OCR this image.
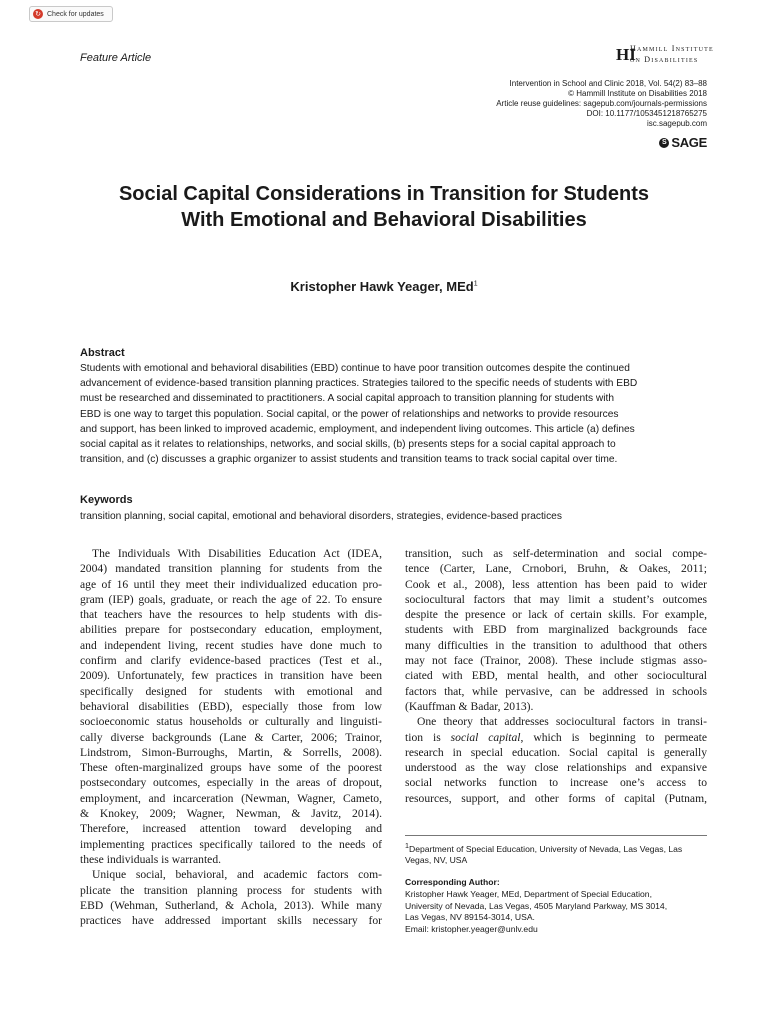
↻ Check for updates
Feature Article	HI
Hammill Institute
on Disabilities
Intervention in School and Clinic 2018, Vol. 54(2) 83–88
© Hammill Institute on Disabilities 2018
Article reuse guidelines: sagepub.com/journals-permissions
DOI: 10.1177/1053451218765275
isc.sagepub.com
S SAGE
Social Capital Considerations in Transition for Students
With Emotional and Behavioral Disabilities
Kristopher Hawk Yeager, MEd$^1$
Abstract
Students with emotional and behavioral disabilities (EBD) continue to have poor transition outcomes despite the continued
advancement of evidence-based transition planning practices. Strategies tailored to the specific needs of students with EBD
must be researched and disseminated to practitioners. A social capital approach to transition planning for students with
EBD is one way to target this population. Social capital, or the power of relationships and networks to provide resources
and support, has been linked to improved academic, employment, and independent living outcomes. This article (a) defines
social capital as it relates to relationships, networks, and social skills, (b) presents steps for a social capital approach to
transition, and (c) discusses a graphic organizer to assist students and transition teams to track social capital over time.
Keywords
transition planning, social capital, emotional and behavioral disorders, strategies, evidence-based practices
The Individuals With Disabilities Education Act (IDEA,
2004) mandated transition planning for students from the
age of 16 until they meet their individualized education pro-
gram (IEP) goals, graduate, or reach the age of 22. To ensure
that teachers have the resources to help students with dis-
abilities prepare for postsecondary education, employment,
and independent living, recent studies have done much to
confirm and clarify evidence-based practices (Test et al.,
2009). Unfortunately, few practices in transition have been
specifically designed for students with emotional and
behavioral disabilities (EBD), especially those from low
socioeconomic status households or culturally and linguisti-
cally diverse backgrounds (Lane & Carter, 2006; Trainor,
Lindstrom, Simon-Burroughs, Martin, & Sorrells, 2008).
These often-marginalized groups have some of the poorest
postsecondary outcomes, especially in the areas of dropout,
employment, and incarceration (Newman, Wagner, Cameto,
& Knokey, 2009; Wagner, Newman, & Javitz, 2014).
Therefore, increased attention toward developing and
implementing practices specifically tailored to the needs of
these individuals is warranted.
Unique social, behavioral, and academic factors com-
plicate the transition planning process for students with
EBD (Wehman, Sutherland, & Achola, 2013). While many
practices have addressed important skills necessary for
transition, such as self-determination and social compe-
tence (Carter, Lane, Crnobori, Bruhn, & Oakes, 2011;
Cook et al., 2008), less attention has been paid to wider
sociocultural factors that may limit a student’s outcomes
despite the presence or lack of certain skills. For example,
students with EBD from marginalized backgrounds face
many difficulties in the transition to adulthood that others
may not face (Trainor, 2008). These include stigmas asso-
ciated with EBD, mental health, and other sociocultural
factors that, while pervasive, can be addressed in schools
(Kauffman & Badar, 2013).
One theory that addresses sociocultural factors in transi-
tion is social capital, which is beginning to permeate
research in special education. Social capital is generally
understood as the way close relationships and expansive
social networks function to increase one’s access to
resources, support, and other forms of capital (Putnam,
$^1$Department of Special Education, University of Nevada, Las Vegas, Las
Vegas, NV, USA
Corresponding Author:
Kristopher Hawk Yeager, MEd, Department of Special Education,
University of Nevada, Las Vegas, 4505 Maryland Parkway, MS 3014,
Las Vegas, NV 89154-3014, USA.
Email: kristopher.yeager@unlv.edu
